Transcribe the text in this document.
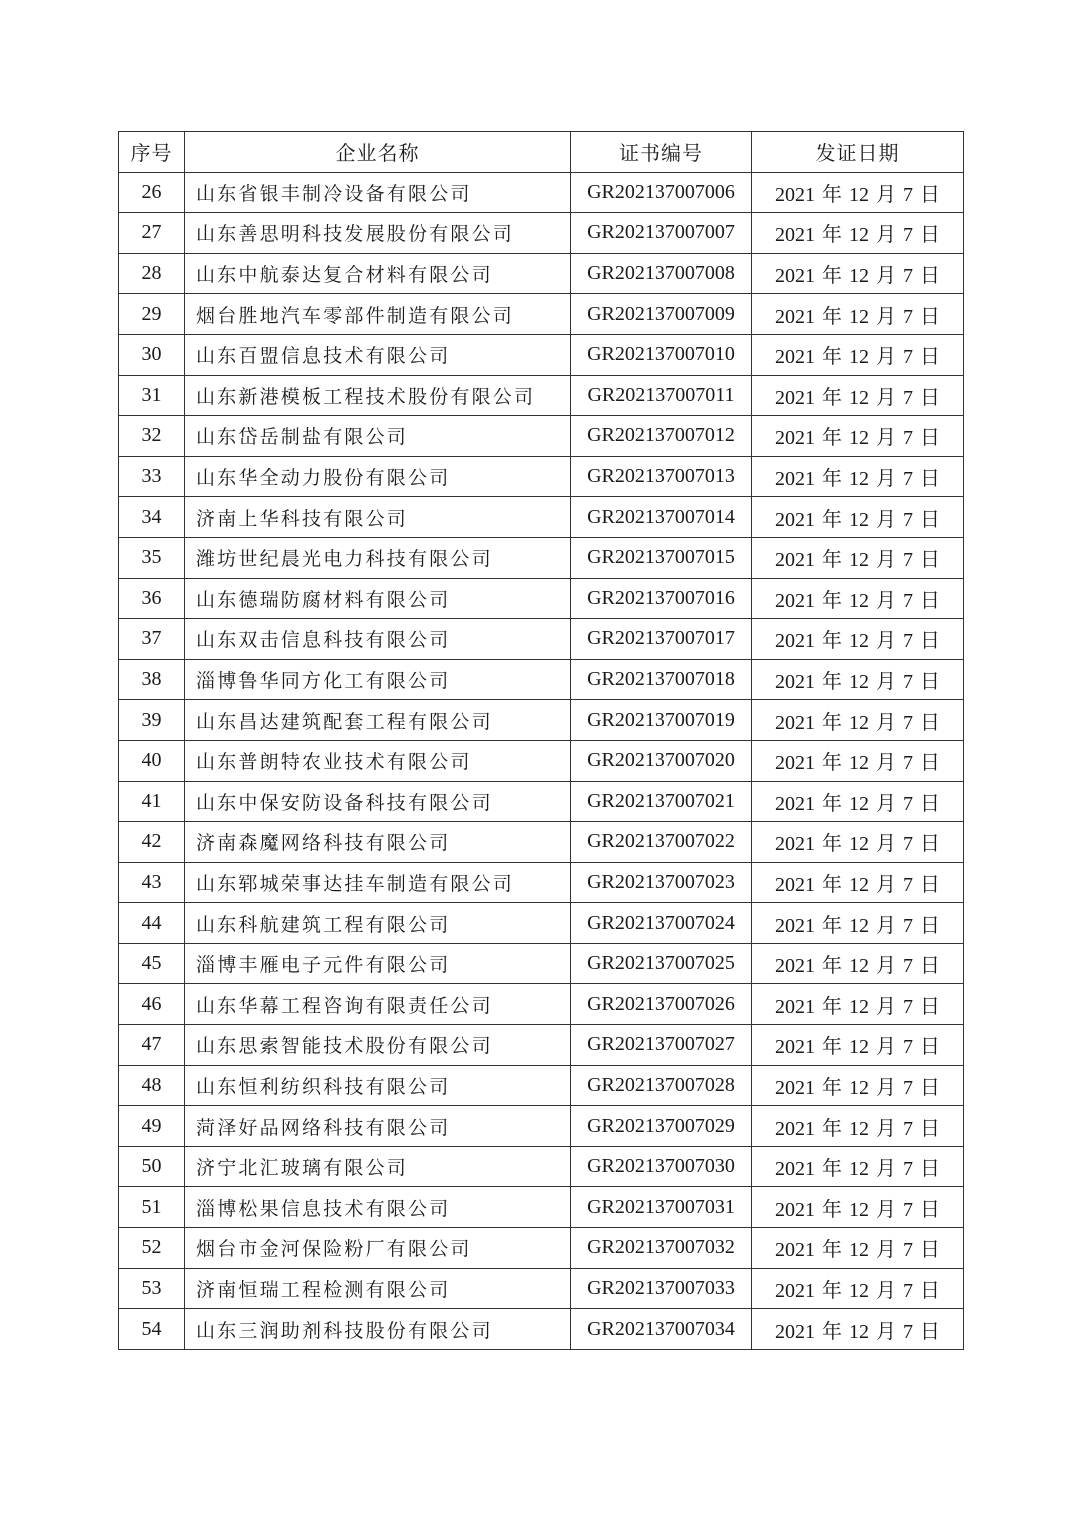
序号	企业名称	证书编号	发证日期
26	山东省银丰制冷设备有限公司	GR202137007006	2021 年 12 月 7 日
27	山东善思明科技发展股份有限公司	GR202137007007	2021 年 12 月 7 日
28	山东中航泰达复合材料有限公司	GR202137007008	2021 年 12 月 7 日
29	烟台胜地汽车零部件制造有限公司	GR202137007009	2021 年 12 月 7 日
30	山东百盟信息技术有限公司	GR202137007010	2021 年 12 月 7 日
31	山东新港模板工程技术股份有限公司	GR202137007011	2021 年 12 月 7 日
32	山东岱岳制盐有限公司	GR202137007012	2021 年 12 月 7 日
33	山东华全动力股份有限公司	GR202137007013	2021 年 12 月 7 日
34	济南上华科技有限公司	GR202137007014	2021 年 12 月 7 日
35	潍坊世纪晨光电力科技有限公司	GR202137007015	2021 年 12 月 7 日
36	山东德瑞防腐材料有限公司	GR202137007016	2021 年 12 月 7 日
37	山东双击信息科技有限公司	GR202137007017	2021 年 12 月 7 日
38	淄博鲁华同方化工有限公司	GR202137007018	2021 年 12 月 7 日
39	山东昌达建筑配套工程有限公司	GR202137007019	2021 年 12 月 7 日
40	山东普朗特农业技术有限公司	GR202137007020	2021 年 12 月 7 日
41	山东中保安防设备科技有限公司	GR202137007021	2021 年 12 月 7 日
42	济南森魔网络科技有限公司	GR202137007022	2021 年 12 月 7 日
43	山东郓城荣事达挂车制造有限公司	GR202137007023	2021 年 12 月 7 日
44	山东科航建筑工程有限公司	GR202137007024	2021 年 12 月 7 日
45	淄博丰雁电子元件有限公司	GR202137007025	2021 年 12 月 7 日
46	山东华幕工程咨询有限责任公司	GR202137007026	2021 年 12 月 7 日
47	山东思索智能技术股份有限公司	GR202137007027	2021 年 12 月 7 日
48	山东恒利纺织科技有限公司	GR202137007028	2021 年 12 月 7 日
49	菏泽好品网络科技有限公司	GR202137007029	2021 年 12 月 7 日
50	济宁北汇玻璃有限公司	GR202137007030	2021 年 12 月 7 日
51	淄博松果信息技术有限公司	GR202137007031	2021 年 12 月 7 日
52	烟台市金河保险粉厂有限公司	GR202137007032	2021 年 12 月 7 日
53	济南恒瑞工程检测有限公司	GR202137007033	2021 年 12 月 7 日
54	山东三润助剂科技股份有限公司	GR202137007034	2021 年 12 月 7 日
